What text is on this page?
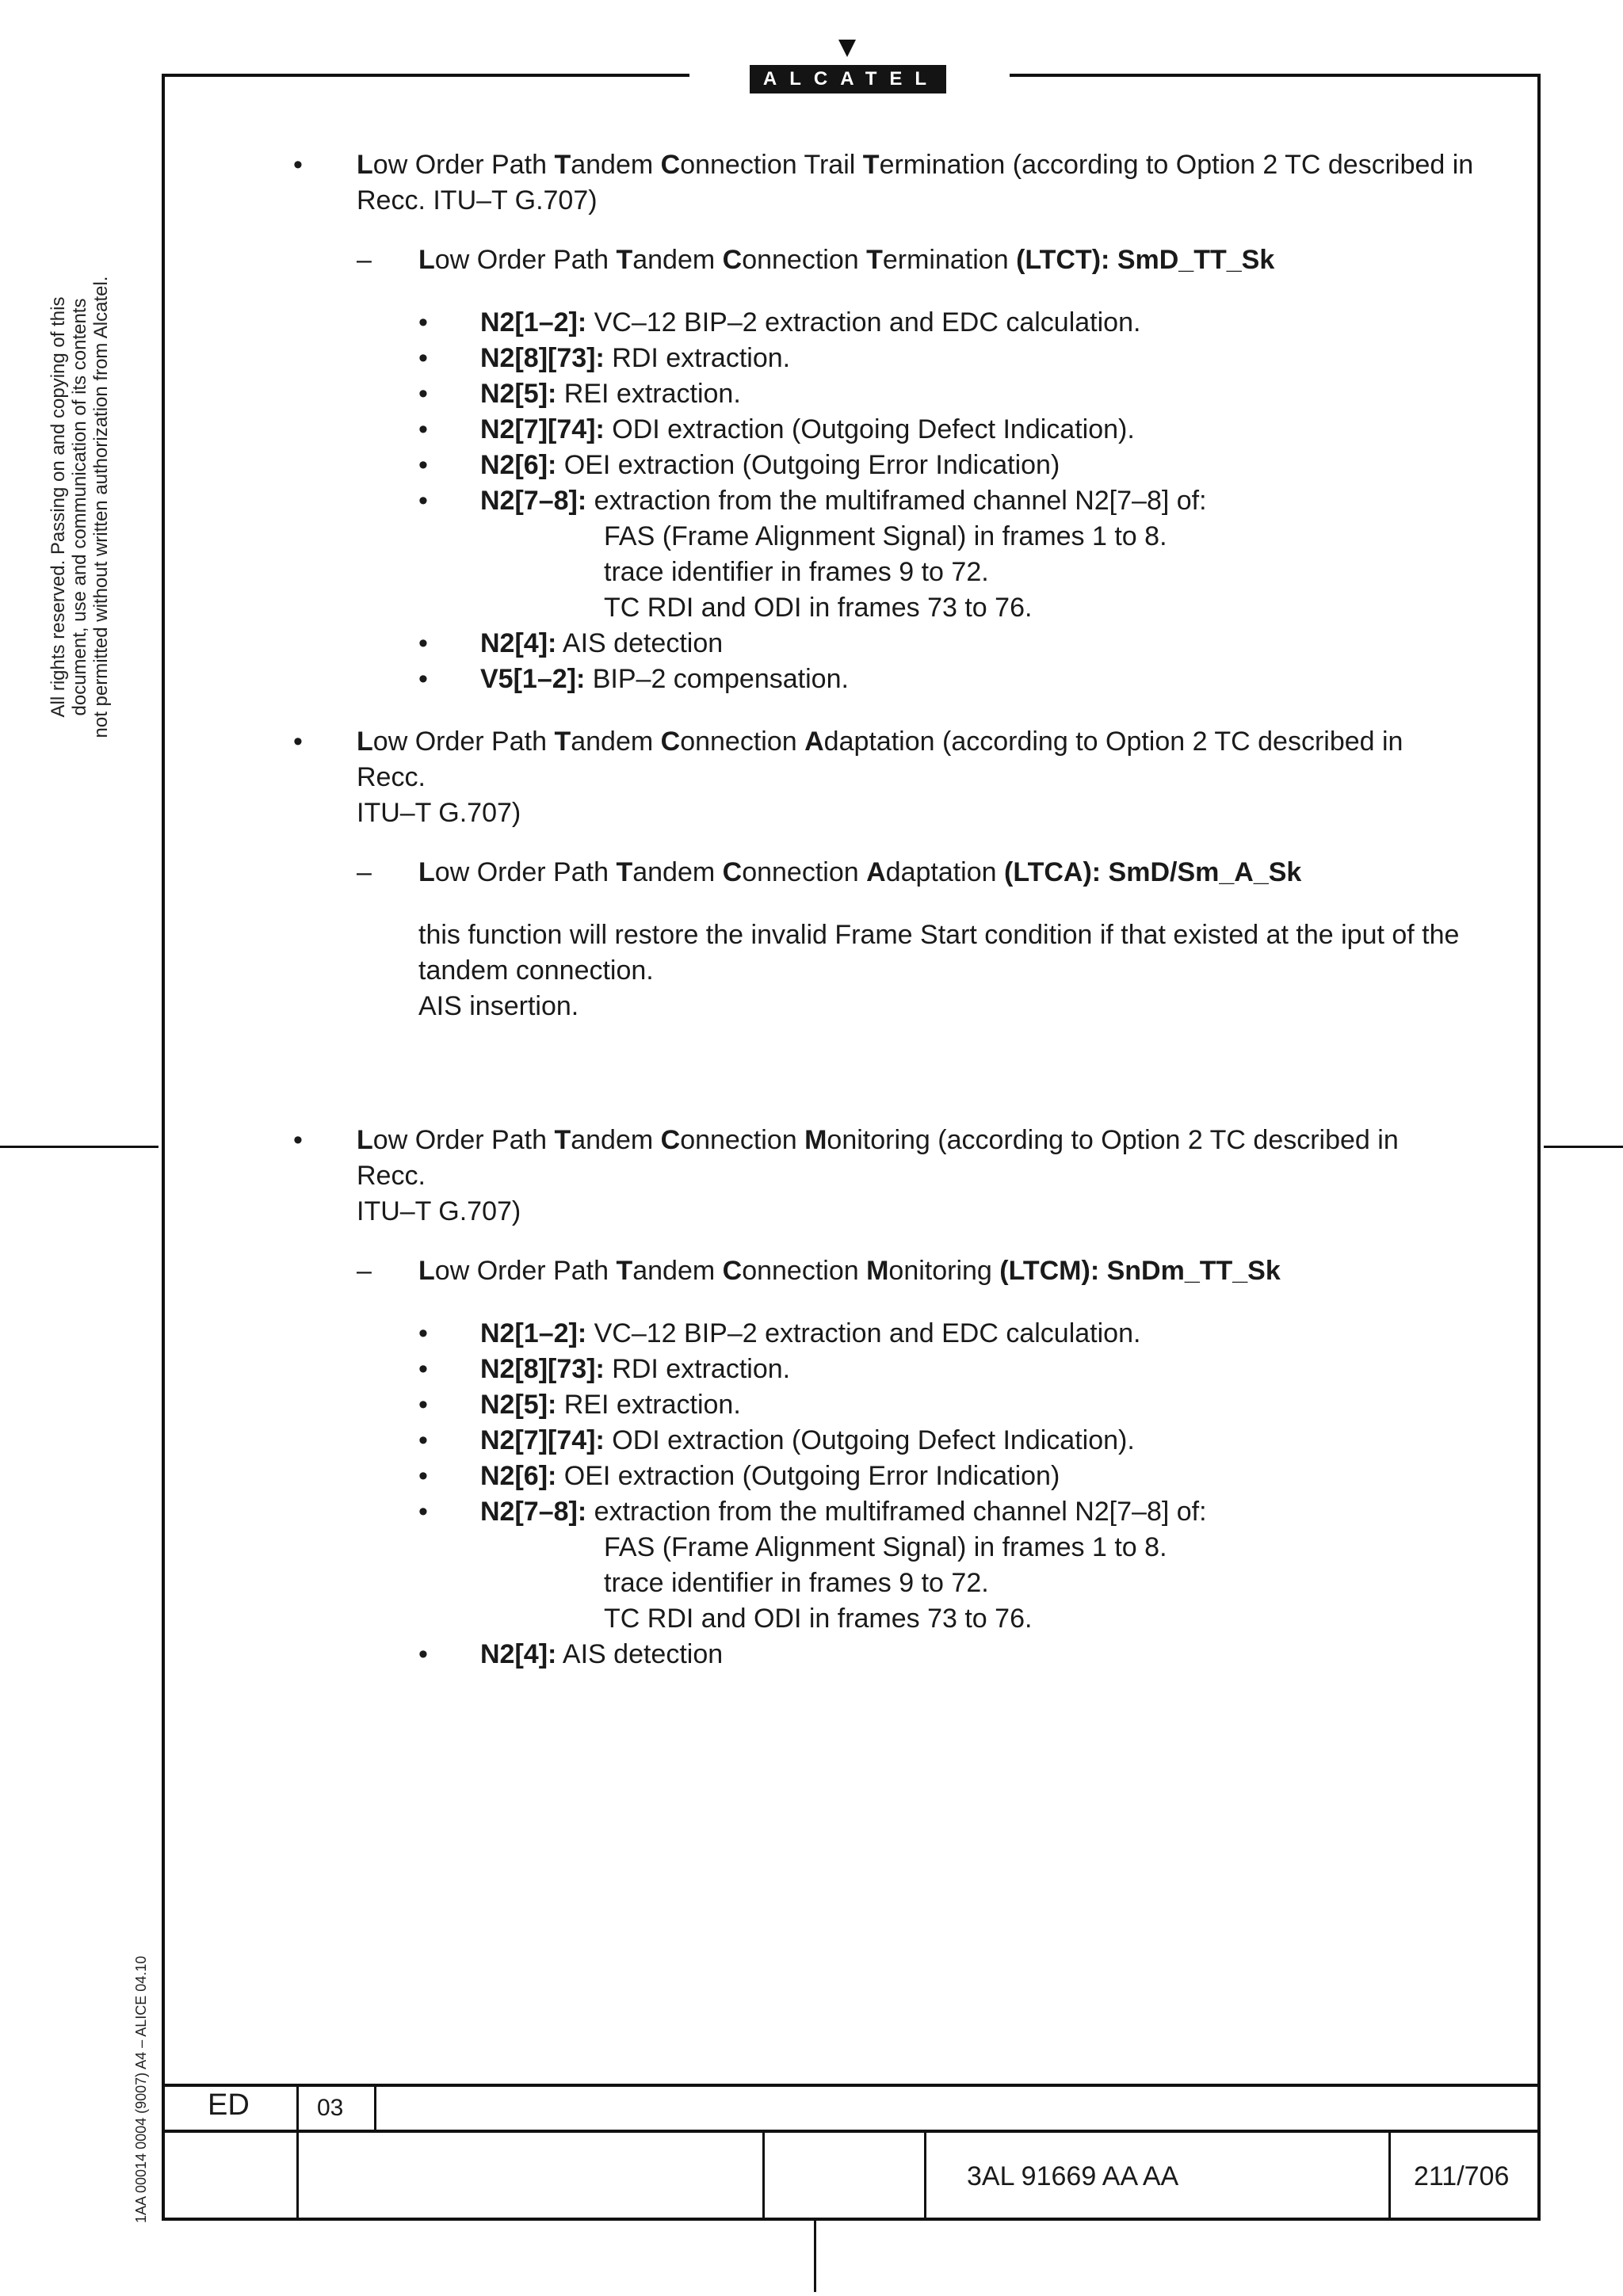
ALCATEL
All rights reserved. Passing on and copying of this document, use and communication of its contents not permitted without written authorization from Alcatel.
1AA 00014 0004 (9007) A4 – ALICE 04.10
• Low Order Path Tandem Connection Trail Termination (according to Option 2 TC described in
Recc. ITU–T G.707)
– Low Order Path Tandem Connection Termination (LTCT): SmD_TT_Sk
• N2[1–2]: VC–12 BIP–2 extraction and EDC calculation.
• N2[8][73]: RDI extraction.
• N2[5]: REI extraction.
• N2[7][74]: ODI extraction (Outgoing Defect Indication).
• N2[6]: OEI extraction (Outgoing Error Indication)
• N2[7–8]: extraction from the multiframed channel N2[7–8] of:
FAS (Frame Alignment Signal) in frames 1 to 8.
trace identifier in frames 9 to 72.
TC RDI and ODI in frames 73 to 76.
• N2[4]: AIS detection
• V5[1–2]: BIP–2 compensation.
• Low Order Path Tandem Connection Adaptation (according to Option 2 TC described in Recc.
ITU–T G.707)
– Low Order Path Tandem Connection Adaptation (LTCA): SmD/Sm_A_Sk
this function will restore the invalid Frame Start condition if that existed at the iput of the
tandem connection.
AIS insertion.
• Low Order Path Tandem Connection Monitoring (according to Option 2 TC described in Recc.
ITU–T G.707)
– Low Order Path Tandem Connection Monitoring (LTCM): SnDm_TT_Sk
• N2[1–2]: VC–12 BIP–2 extraction and EDC calculation.
• N2[8][73]: RDI extraction.
• N2[5]: REI extraction.
• N2[7][74]: ODI extraction (Outgoing Defect Indication).
• N2[6]: OEI extraction (Outgoing Error Indication)
• N2[7–8]: extraction from the multiframed channel N2[7–8] of:
FAS (Frame Alignment Signal) in frames 1 to 8.
trace identifier in frames 9 to 72.
TC RDI and ODI in frames 73 to 76.
• N2[4]: AIS detection
ED	03
3AL 91669 AA AA	211/706
